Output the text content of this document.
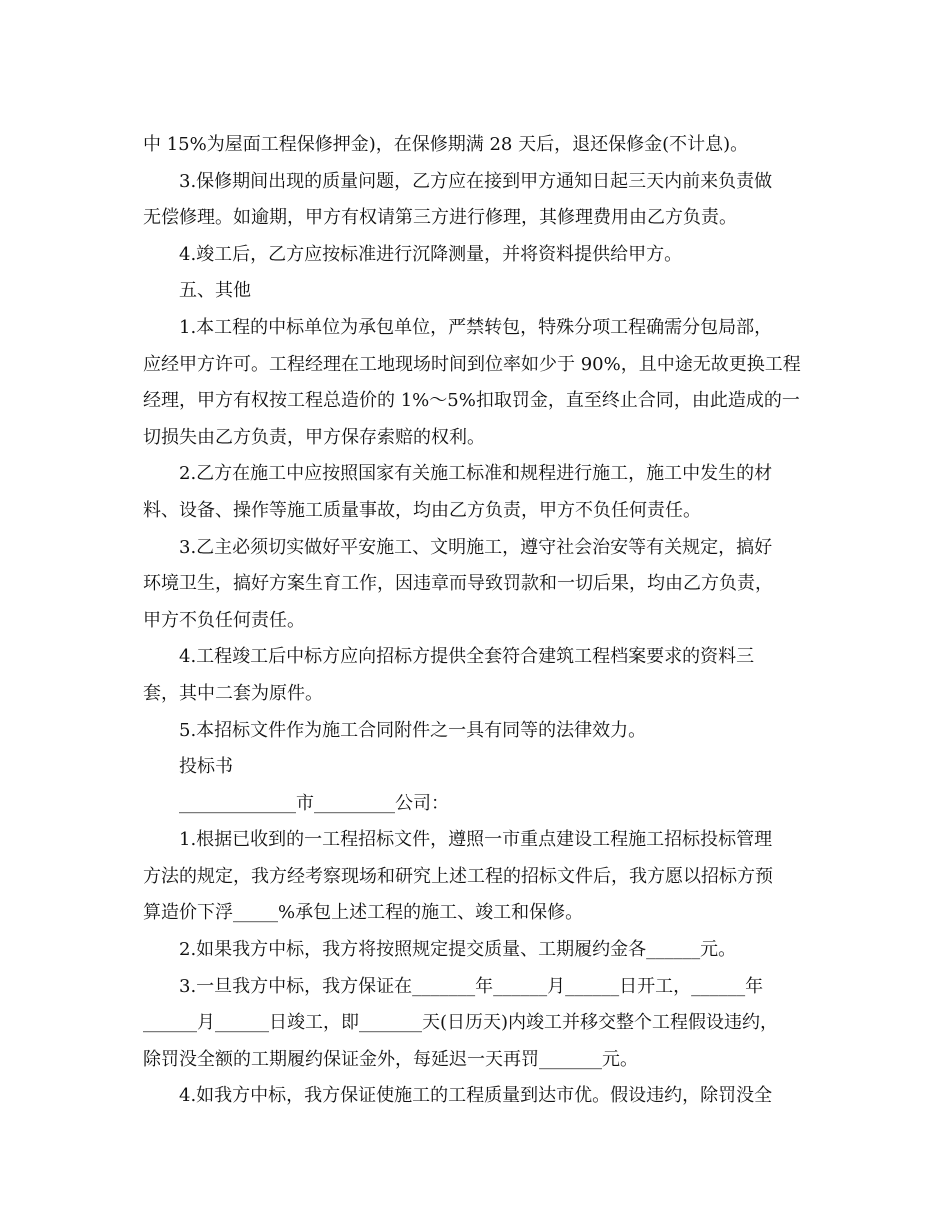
中 15%为屋面工程保修押金)，在保修期满 28 天后，退还保修金(不计息)。
3.保修期间出现的质量问题，乙方应在接到甲方通知日起三天内前来负责做
无偿修理。如逾期，甲方有权请第三方进行修理，其修理费用由乙方负责。
4.竣工后，乙方应按标准进行沉降测量，并将资料提供给甲方。
五、其他
1.本工程的中标单位为承包单位，严禁转包，特殊分项工程确需分包局部，
应经甲方许可。工程经理在工地现场时间到位率如少于 90%，且中途无故更换工程
经理，甲方有权按工程总造价的 1%～5%扣取罚金，直至终止合同，由此造成的一
切损失由乙方负责，甲方保存索赔的权利。
2.乙方在施工中应按照国家有关施工标准和规程进行施工，施工中发生的材
料、设备、操作等施工质量事故，均由乙方负责，甲方不负任何责任。
3.乙主必须切实做好平安施工、文明施工，遵守社会治安等有关规定，搞好
环境卫生，搞好方案生育工作，因违章而导致罚款和一切后果，均由乙方负责，
甲方不负任何责任。
4.工程竣工后中标方应向招标方提供全套符合建筑工程档案要求的资料三
套，其中二套为原件。
5.本招标文件作为施工合同附件之一具有同等的法律效力。
投标书
_____________市_________公司：
1.根据已收到的一工程招标文件，遵照一市重点建设工程施工招标投标管理
方法的规定，我方经考察现场和研究上述工程的招标文件后，我方愿以招标方预
算造价下浮_____%承包上述工程的施工、竣工和保修。
2.如果我方中标，我方将按照规定提交质量、工期履约金各______元。
3.一旦我方中标，我方保证在_______年______月______日开工，______年
______月______日竣工，即_______天(日历天)内竣工并移交整个工程假设违约，
除罚没全额的工期履约保证金外，每延迟一天再罚_______元。
4.如我方中标，我方保证使施工的工程质量到达市优。假设违约，除罚没全
